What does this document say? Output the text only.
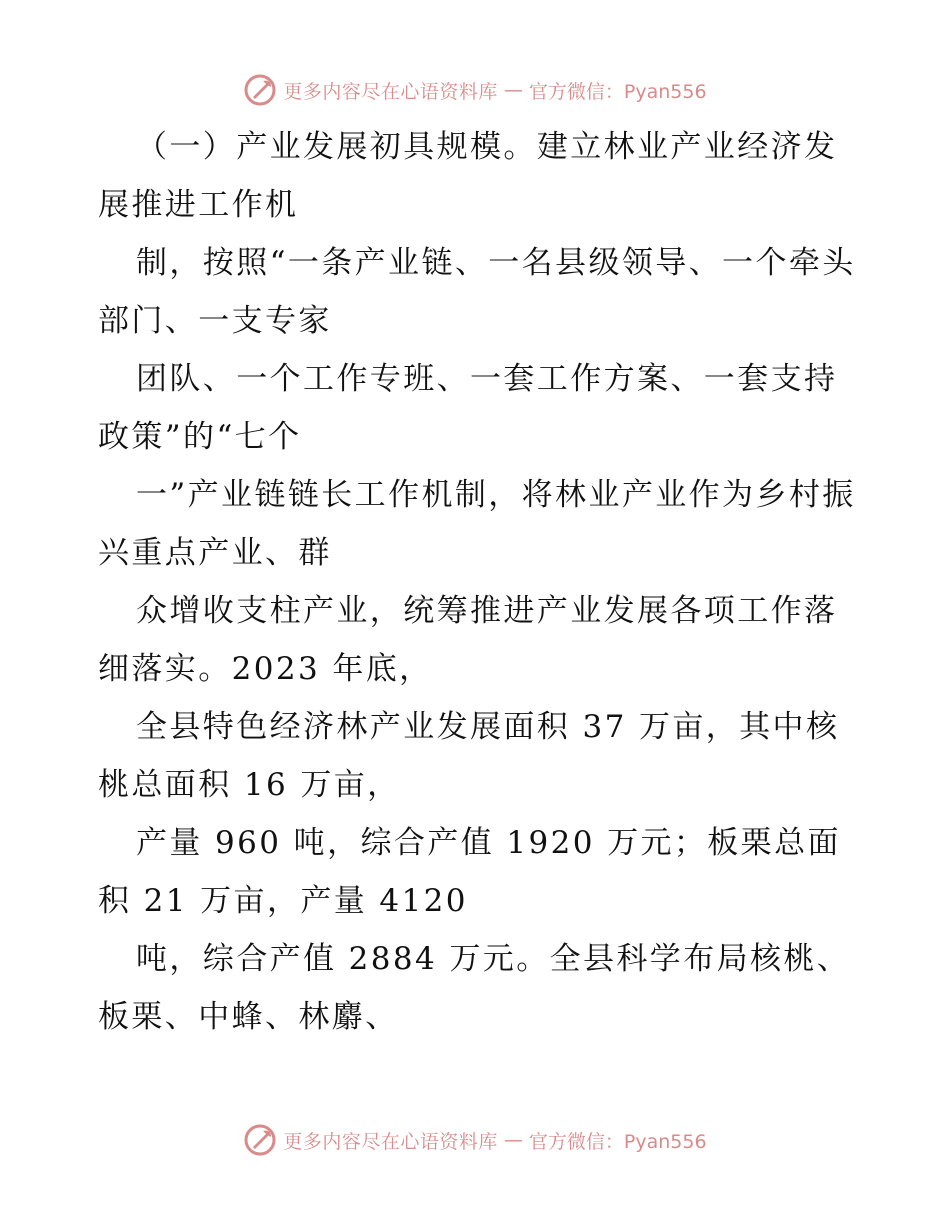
更多内容尽在心语资料库 — 官方微信：Pyan556

（一）产业发展初具规模。建立林业产业经济发展推进工作机

制，按照“一条产业链、一名县级领导、一个牵头部门、一支专家

团队、一个工作专班、一套工作方案、一套支持政策”的“七个

一”产业链链长工作机制，将林业产业作为乡村振兴重点产业、群

众增收支柱产业，统筹推进产业发展各项工作落细落实。2023 年底，

全县特色经济林产业发展面积 37 万亩，其中核桃总面积 16 万亩，

产量 960 吨，综合产值 1920 万元；板栗总面积 21 万亩，产量 4120

吨，综合产值 2884 万元。全县科学布局核桃、板栗、中蜂、林麝、

更多内容尽在心语资料库 — 官方微信：Pyan556
